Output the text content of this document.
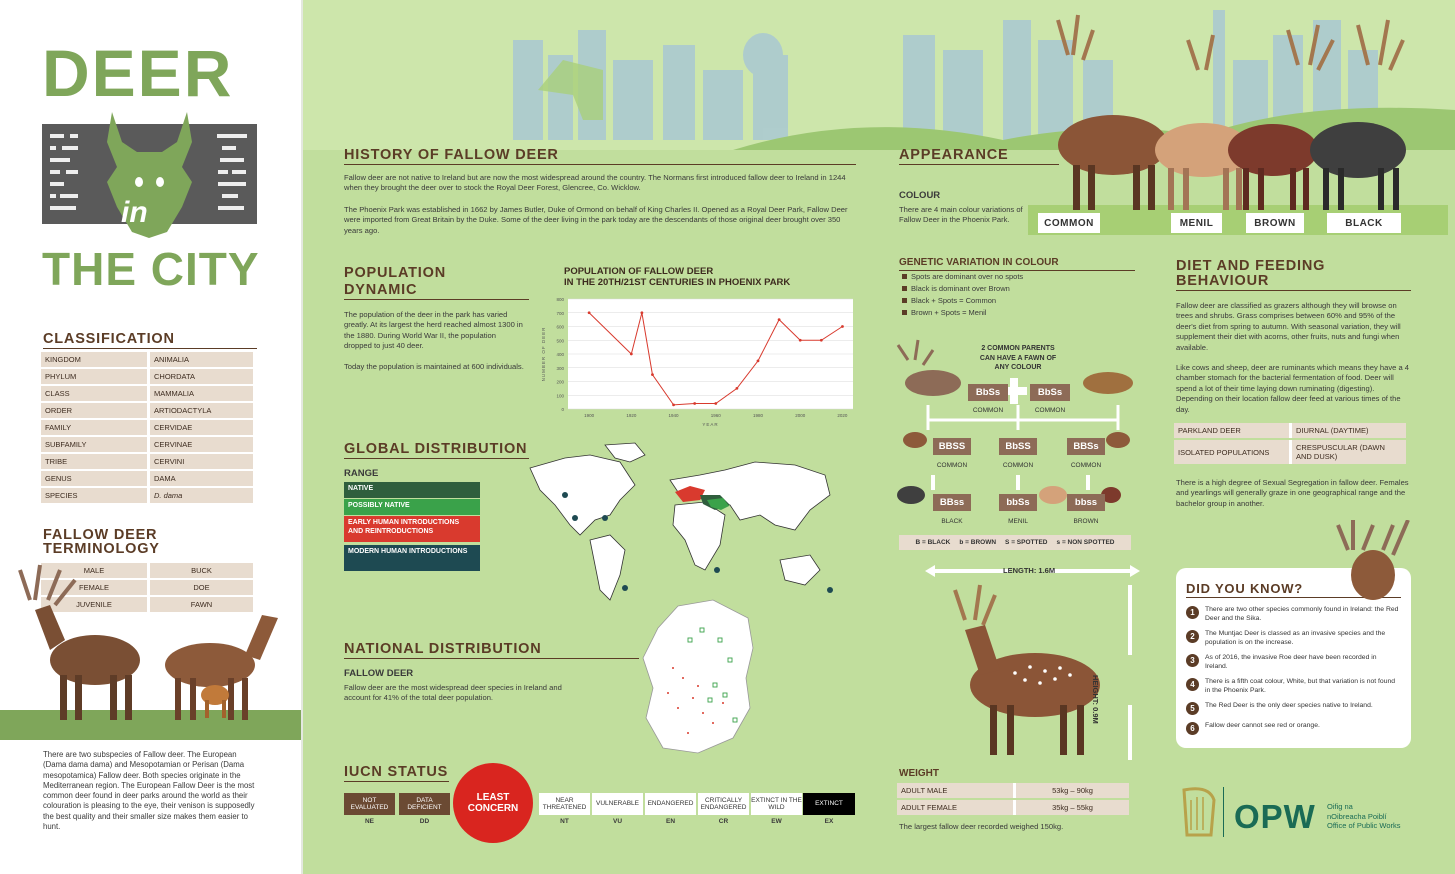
DEER
in
THE CITY
CLASSIFICATION
KINGDOM	ANIMALIA
PHYLUM	CHORDATA
CLASS	MAMMALIA
ORDER	ARTIODACTYLA
FAMILY	CERVIDAE
SUBFAMILY	CERVINAE
TRIBE	CERVINI
GENUS	DAMA
SPECIES	D. dama
FALLOW DEER
TERMINOLOGY
MALE	BUCK
FEMALE	DOE
JUVENILE	FAWN
There are two subspecies of Fallow deer. The European (Dama dama dama) and Mesopotamian or Perisan (Dama mesopotamica) Fallow deer. Both species originate in the Mediterranean region. The European Fallow Deer is the most common deer found in deer parks around the world as their colouration is pleasing to the eye, their venison is supposedly the best quality and their smaller size makes them easier to hunt.
HISTORY OF FALLOW DEER
Fallow deer are not native to Ireland but are now the most widespread around the country. The Normans first introduced fallow deer to Ireland in 1244 when they brought the deer over to stock the Royal Deer Forest, Glencree, Co. Wicklow.
The Phoenix Park was established in 1662 by James Butler, Duke of Ormond on behalf of King Charles II. Opened as a Royal Deer Park, Fallow Deer were imported from Great Britain by the Duke. Some of the deer living in the park today are the descendants of those original deer brought over 350 years ago.
POPULATION
DYNAMIC
The population of the deer in the park has varied greatly. At its largest the herd reached almost 1300 in the 1880. During World War II, the population dropped to just 40 deer.
Today the population is maintained at 600 individuals.
POPULATION OF FALLOW DEER
IN THE 20TH/21ST CENTURIES IN PHOENIX PARK
0
100
200
300
400
500
600
700
800
1900	1920	1940	1960	1980	2000	2020
YEAR
NUMBER OF DEER
GLOBAL DISTRIBUTION
RANGE
NATIVE
POSSIBLY NATIVE
EARLY HUMAN INTRODUCTIONS AND REINTRODUCTIONS
MODERN HUMAN INTRODUCTIONS
NATIONAL DISTRIBUTION
FALLOW DEER
Fallow deer are the most widespread deer species in Ireland and account for 41% of the total deer population.
IUCN STATUS
NOT EVALUATED
NE
DATA DEFICIENT
DD
LEAST CONCERN
NEAR THREATENED
NT
VULNERABLE
VU
ENDANGERED
EN
CRITICALLY ENDANGERED
CR
EXTINCT IN THE WILD
EW
EXTINCT
EX
APPEARANCE
COLOUR
There are 4 main colour variations of Fallow Deer in the Phoenix Park.	COMMON	MENIL	BROWN	BLACK
GENETIC VARIATION IN COLOUR
Spots are dominant over no spots
Black is dominant over Brown
Black + Spots = Common
Brown + Spots = Menil
2 COMMON PARENTS CAN HAVE A FAWN OF ANY COLOUR
BbSs	BbSs
COMMON	COMMON
BBSS
COMMON
BbSS
COMMON
BBSs
COMMON
BBss
BLACK
bbSs
MENIL
bbss
BROWN
B = BLACK     b = BROWN     S = SPOTTED     s = NON SPOTTED
LENGTH: 1.6M
HEIGHT: 0.9M
WEIGHT
ADULT MALE	53kg – 90kg
ADULT FEMALE	35kg – 55kg
The largest fallow deer recorded weighed 150kg.
DIET AND FEEDING
BEHAVIOUR
Fallow deer are classified as grazers although they will browse on trees and shrubs. Grass comprises between 60% and 95% of the deer's diet from spring to autumn. With seasonal variation, they will supplement their diet with acorns, other fruits, nuts and fungi when available.
Like cows and sheep, deer are ruminants which means they have a 4 chamber stomach for the bacterial fermentation of food. Deer will spend a lot of their time laying down ruminating (digesting). Depending on their location fallow deer feed at various times of the day.
PARKLAND DEER	DIURNAL (DAYTIME)
ISOLATED POPULATIONS	CRESPUSCULAR (DAWN AND DUSK)
There is a high degree of Sexual Segregation in fallow deer. Females and yearlings will generally graze in one geographical range and the bachelor group in another.
DID YOU KNOW?
1	There are two other species commonly found in Ireland: the Red Deer and the Sika.

2	The Muntjac Deer is classed as an invasive species and the population is on the increase.

3	As of 2016, the invasive Roe deer have been recorded in Ireland.

4	There is a fifth coat colour, White, but that variation is not found in the Phoenix Park.

5	The Red Deer is the only deer species native to Ireland.

6	Fallow deer cannot see red or orange.

OPW Oifig na
nOibreacha Poiblí
Office of Public Works
